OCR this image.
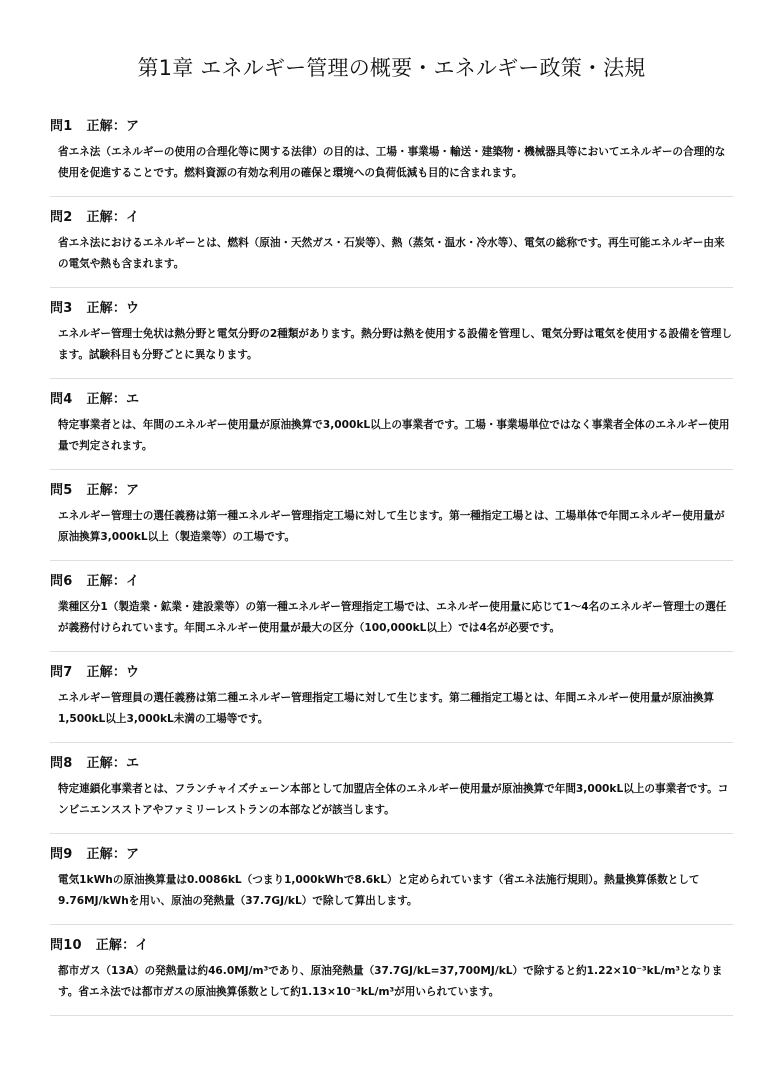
第1章 エネルギー管理の概要・エネルギー政策・法規
問1 正解：ア
省エネ法（エネルギーの使用の合理化等に関する法律）の目的は、工場・事業場・輸送・建築物・機械器具等においてエネルギーの合理的な使用を促進することです。燃料資源の有効な利用の確保と環境への負荷低減も目的に含まれます。
問2 正解：イ
省エネ法におけるエネルギーとは、燃料（原油・天然ガス・石炭等）、熱（蒸気・温水・冷水等）、電気の総称です。再生可能エネルギー由来の電気や熱も含まれます。
問3 正解：ウ
エネルギー管理士免状は熱分野と電気分野の2種類があります。熱分野は熱を使用する設備を管理し、電気分野は電気を使用する設備を管理します。試験科目も分野ごとに異なります。
問4 正解：エ
特定事業者とは、年間のエネルギー使用量が原油換算で3,000kL以上の事業者です。工場・事業場単位ではなく事業者全体のエネルギー使用量で判定されます。
問5 正解：ア
エネルギー管理士の選任義務は第一種エネルギー管理指定工場に対して生じます。第一種指定工場とは、工場単体で年間エネルギー使用量が原油換算3,000kL以上（製造業等）の工場です。
問6 正解：イ
業種区分1（製造業・鉱業・建設業等）の第一種エネルギー管理指定工場では、エネルギー使用量に応じて1〜4名のエネルギー管理士の選任が義務付けられています。年間エネルギー使用量が最大の区分（100,000kL以上）では4名が必要です。
問7 正解：ウ
エネルギー管理員の選任義務は第二種エネルギー管理指定工場に対して生じます。第二種指定工場とは、年間エネルギー使用量が原油換算1,500kL以上3,000kL未満の工場等です。
問8 正解：エ
特定連鎖化事業者とは、フランチャイズチェーン本部として加盟店全体のエネルギー使用量が原油換算で年間3,000kL以上の事業者です。コンビニエンスストアやファミリーレストランの本部などが該当します。
問9 正解：ア
電気1kWhの原油換算量は0.0086kL（つまり1,000kWhで8.6kL）と定められています（省エネ法施行規則）。熱量換算係数として9.76MJ/kWhを用い、原油の発熱量（37.7GJ/kL）で除して算出します。
問10 正解：イ
都市ガス（13A）の発熱量は約46.0MJ/m³であり、原油発熱量（37.7GJ/kL=37,700MJ/kL）で除すると約1.22×10⁻³kL/m³となります。省エネ法では都市ガスの原油換算係数として約1.13×10⁻³kL/m³が用いられています。
